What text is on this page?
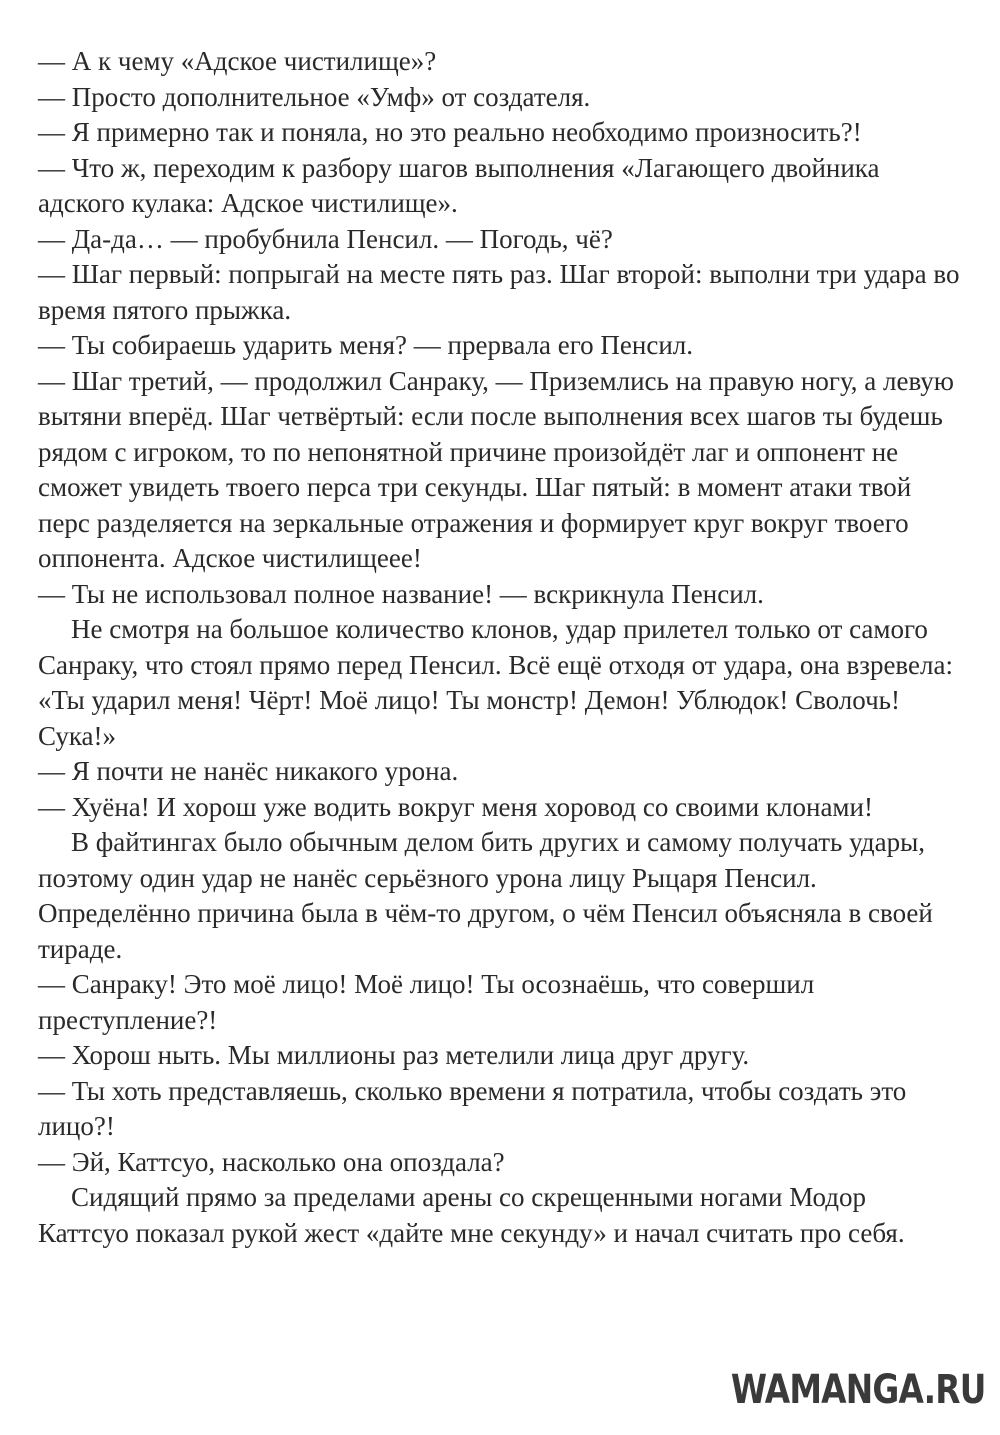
— А к чему «Адское чистилище»?

— Просто дополнительное «Умф» от создателя.

— Я примерно так и поняла, но это реально необходимо произносить?!

— Что ж, переходим к разбору шагов выполнения «Лагающего двойника адского кулака: Адское чистилище».

— Да-да… — пробубнила Пенсил. — Погодь, чё?

— Шаг первый: попрыгай на месте пять раз. Шаг второй: выполни три удара во время пятого прыжка.

— Ты собираешь ударить меня? — прервала его Пенсил.

— Шаг третий, — продолжил Санраку, — Приземлись на правую ногу, а левую вытяни вперёд. Шаг четвёртый: если после выполнения всех шагов ты будешь рядом с игроком, то по непонятной причине произойдёт лаг и оппонент не сможет увидеть твоего перса три секунды. Шаг пятый: в момент атаки твой перс разделяется на зеркальные отражения и формирует круг вокруг твоего оппонента. Адское чистилищеее!

— Ты не использовал полное название! — вскрикнула Пенсил.

Не смотря на большое количество клонов, удар прилетел только от самого Санраку, что стоял прямо перед Пенсил. Всё ещё отходя от удара, она взревела: «Ты ударил меня! Чёрт! Моё лицо! Ты монстр! Демон! Ублюдок! Сволочь! Сука!»

— Я почти не нанёс никакого урона.

— Хуёна! И хорош уже водить вокруг меня хоровод со своими клонами!

В файтингах было обычным делом бить других и самому получать удары, поэтому один удар не нанёс серьёзного урона лицу Рыцаря Пенсил. Определённо причина была в чём-то другом, о чём Пенсил объясняла в своей тираде.

— Санраку! Это моё лицо! Моё лицо! Ты осознаёшь, что совершил преступление?!

— Хорош ныть. Мы миллионы раз метелили лица друг другу.

— Ты хоть представляешь, сколько времени я потратила, чтобы создать это лицо?!

— Эй, Каттсуо, насколько она опоздала?

Сидящий прямо за пределами арены со скрещенными ногами Модор Каттсуо показал рукой жест «дайте мне секунду» и начал считать про себя.

WAMANGA.RU
